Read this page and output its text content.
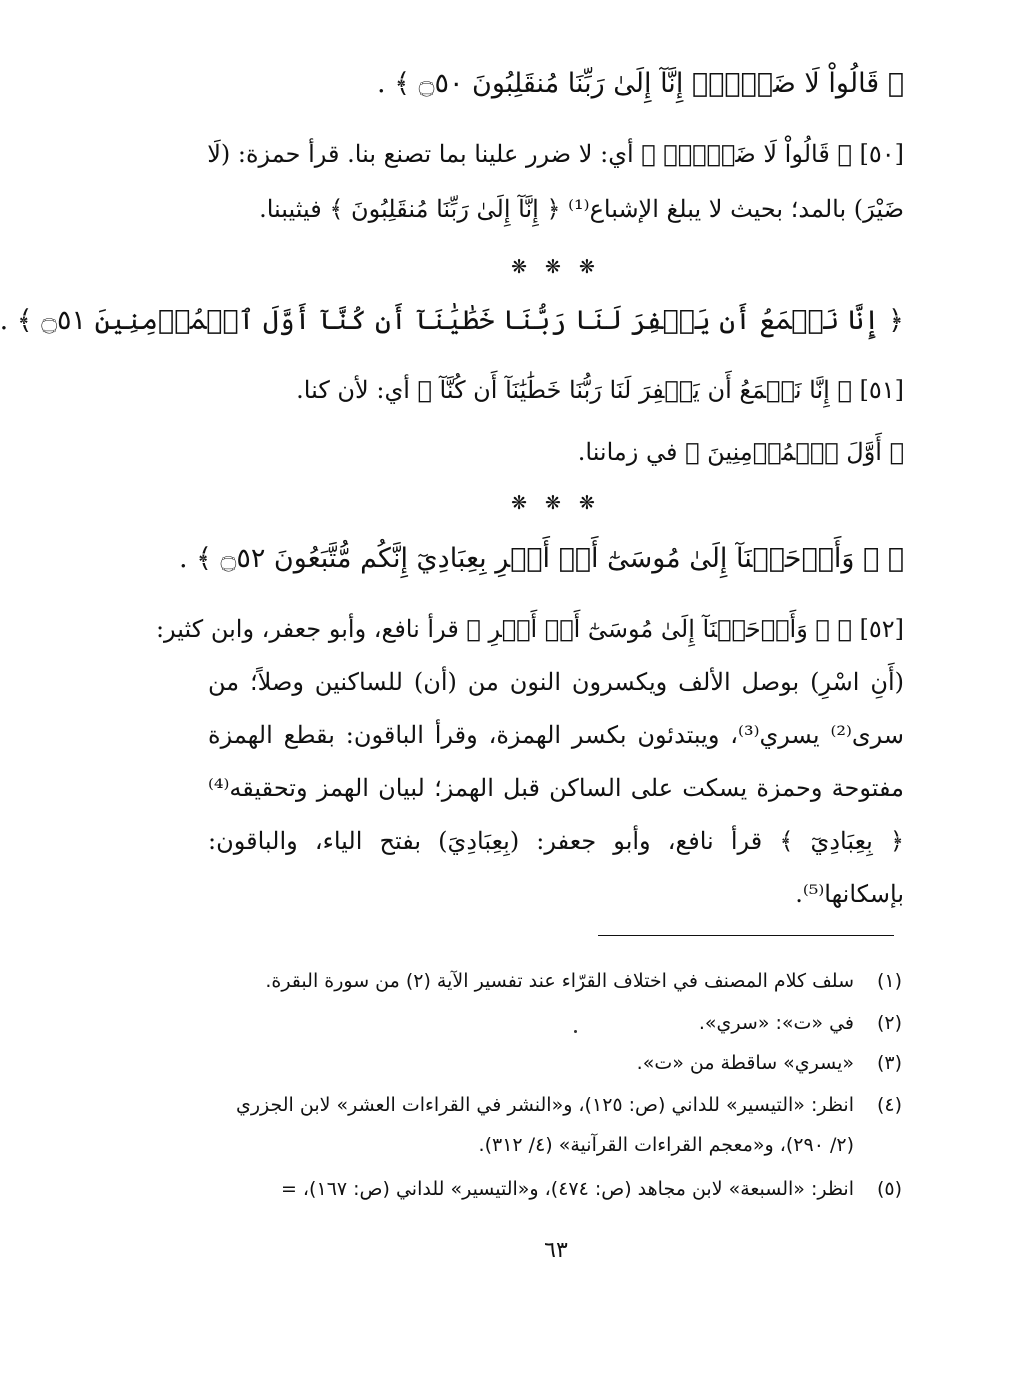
﴿ قَالُواْ لَا ضَيۡرَۖ إِنَّآ إِلَىٰ رَبِّنَا مُنقَلِبُونَ ۝٥٠ ﴾ .
[٥٠] ﴿ قَالُواْ لَا ضَيۡرَۖ ﴾ أي: لا ضرر علينا بما تصنع بنا. قرأ حمزة: (لَا
ضَيْرَ) بالمد؛ بحيث لا يبلغ الإشباع⁽¹⁾ ﴿ إِنَّآ إِلَىٰ رَبِّنَا مُنقَلِبُونَ ﴾ فيثيبنا.
❋ ❋ ❋
﴿ إِنَّا نَطۡمَعُ أَن يَغۡفِرَ لَنَا رَبُّنَا خَطَٰيَٰنَآ أَن كُنَّآ أَوَّلَ ٱلۡمُؤۡمِنِينَ ۝٥١ ﴾ .
[٥١] ﴿ إِنَّا نَطۡمَعُ أَن يَغۡفِرَ لَنَا رَبُّنَا خَطَٰيَٰنَآ أَن كُنَّآ ﴾ أي: لأن كنا.
﴿ أَوَّلَ ٱلۡمُؤۡمِنِينَ ﴾ في زماننا.
❋ ❋ ❋
﴿ ۞ وَأَوۡحَيۡنَآ إِلَىٰ مُوسَىٰٓ أَنۡ أَسۡرِ بِعِبَادِيٓ إِنَّكُم مُّتَّبَعُونَ ۝٥٢ ﴾ .
[٥٢] ﴿ ۞ وَأَوۡحَيۡنَآ إِلَىٰ مُوسَىٰٓ أَنۡ أَسۡرِ ﴾ قرأ نافع، وأبو جعفر، وابن كثير:
(أَنِ اسْرِ) بوصل الألف ويكسرون النون من (أن) للساكنين وصلاً؛ من
سرى⁽²⁾ يسري⁽³⁾، ويبتدئون بكسر الهمزة، وقرأ الباقون: بقطع الهمزة
مفتوحة وحمزة يسكت على الساكن قبل الهمز؛ لبيان الهمز وتحقيقه⁽⁴⁾
﴿ بِعِبَادِيٓ ﴾ قرأ نافع، وأبو جعفر: (بِعِبَادِيَ) بفتح الياء، والباقون:
بإسكانها⁽⁵⁾.
(١)سلف كلام المصنف في اختلاف القرّاء عند تفسير الآية (٢) من سورة البقرة.
(٢)في «ت»: «سري».
(٣)«يسري» ساقطة من «ت».
(٤)انظر: «التيسير» للداني (ص: ١٢٥)، و«النشر في القراءات العشر» لابن الجزري
(٢/ ٢٩٠)، و«معجم القراءات القرآنية» (٤/ ٣١٢).
(٥)انظر: «السبعة» لابن مجاهد (ص: ٤٧٤)، و«التيسير» للداني (ص: ١٦٧)، =
٦٣
